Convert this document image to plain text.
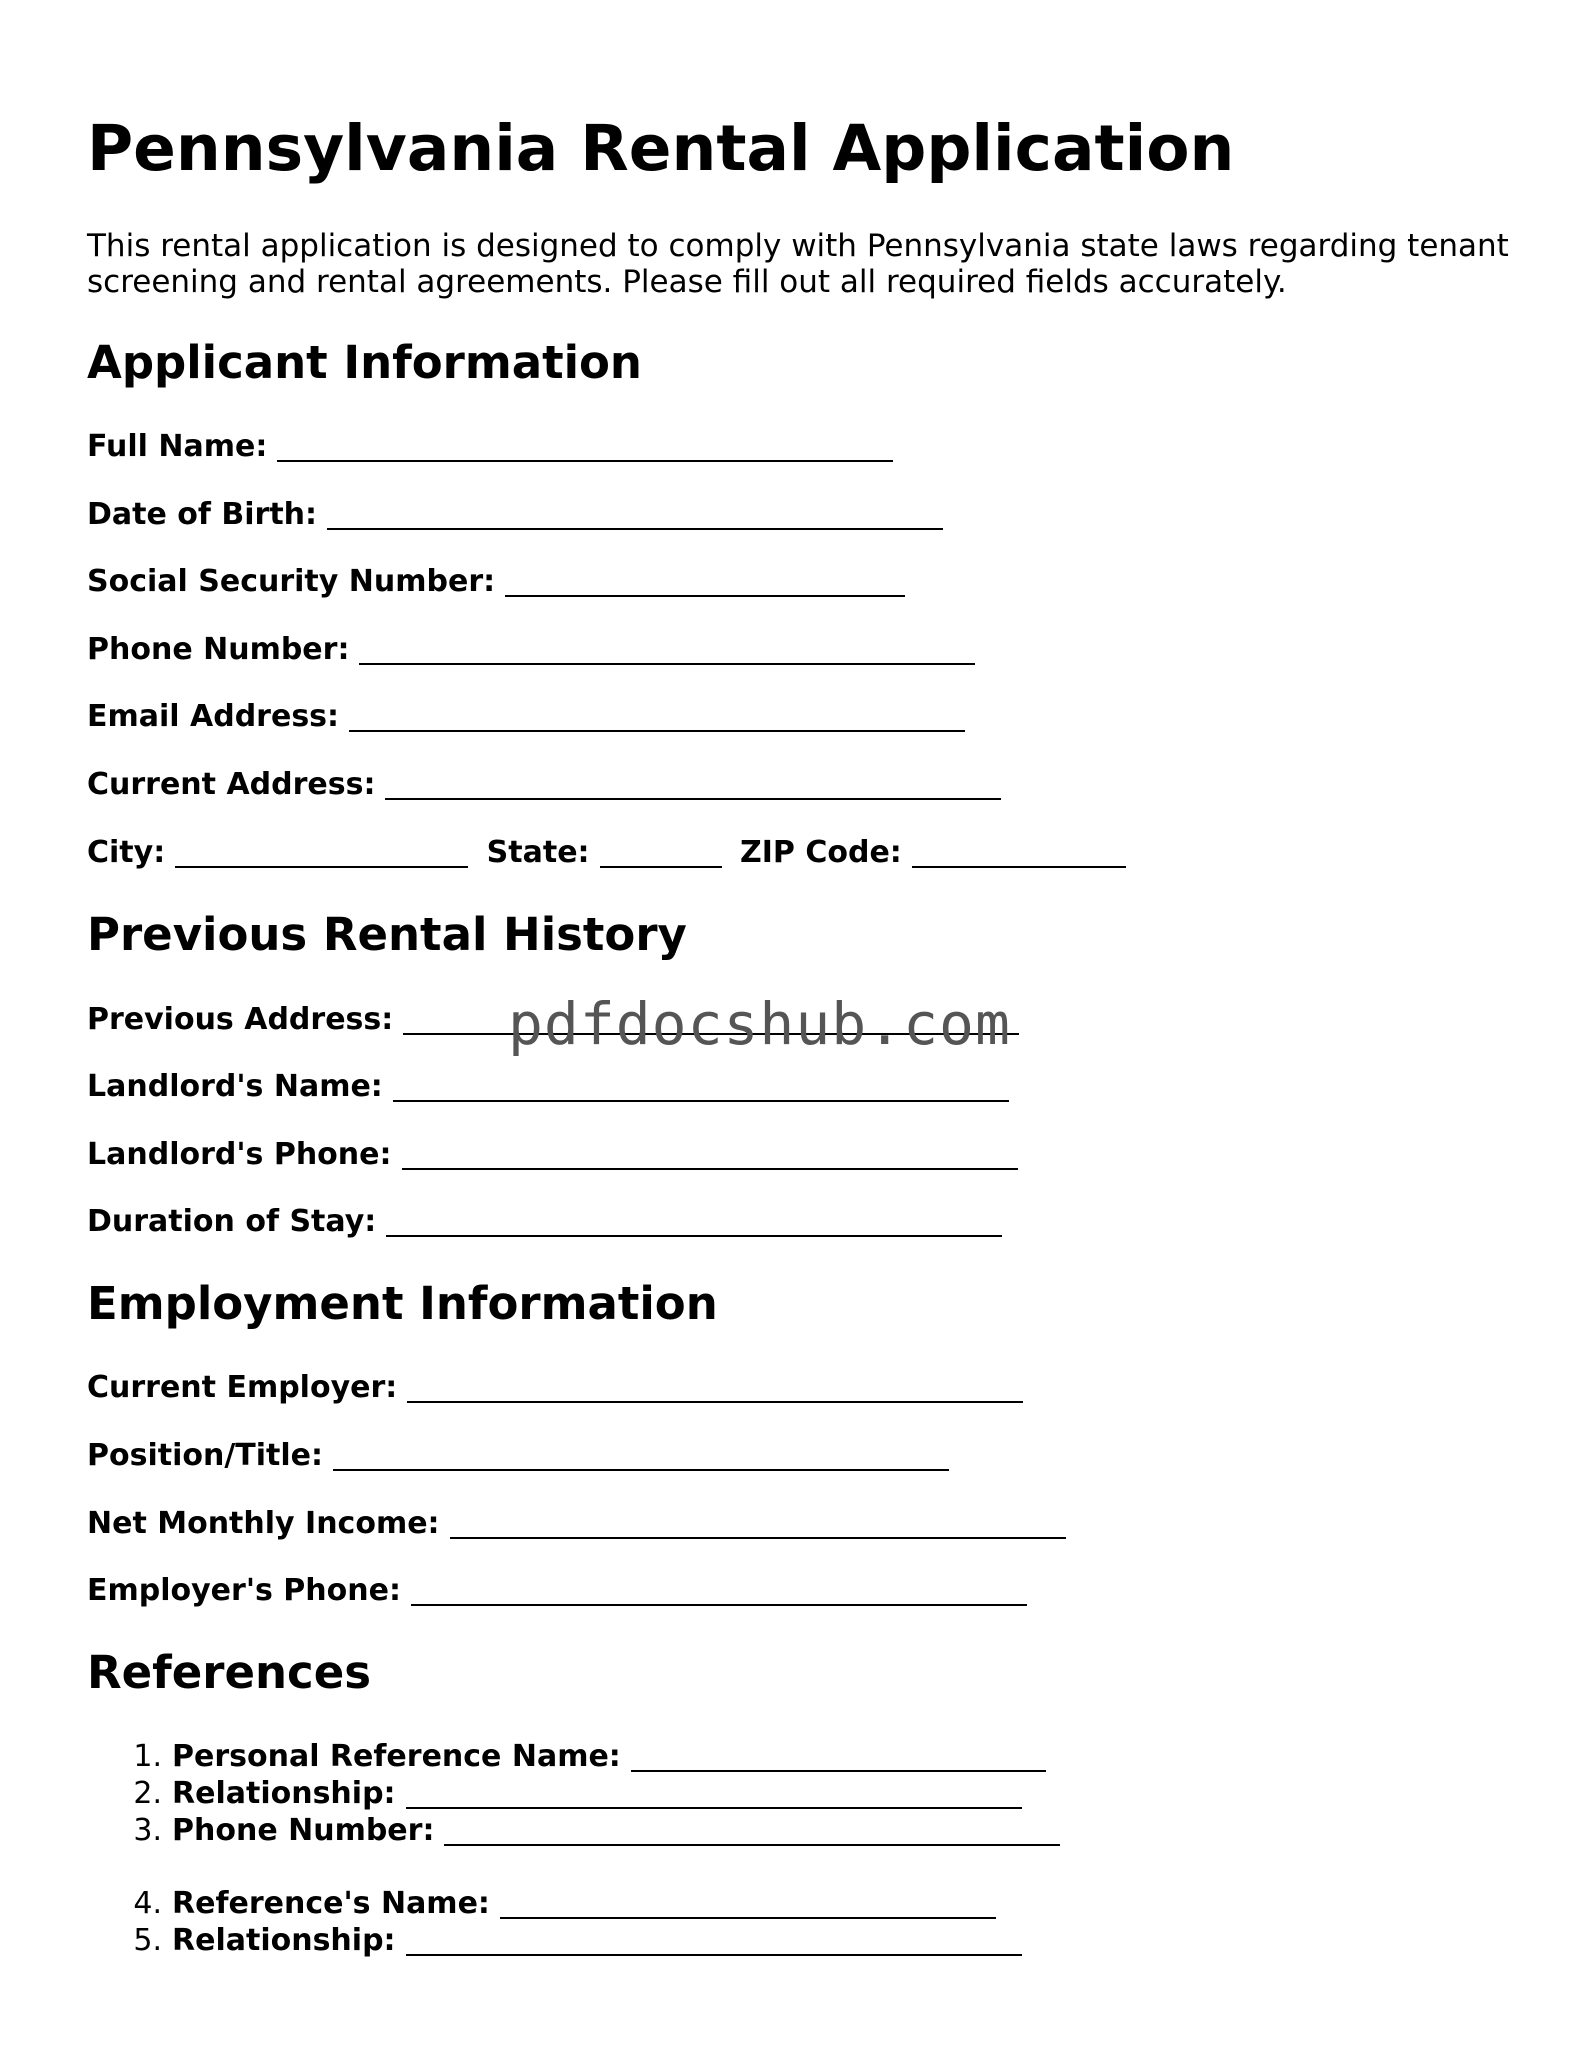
Pennsylvania Rental Application

This rental application is designed to comply with Pennsylvania state laws regarding tenant screening and rental agreements. Please fill out all required fields accurately.

Applicant Information
Full Name:
Date of Birth:
Social Security Number:
Phone Number:
Email Address:
Current Address:
City:	State:	ZIP Code:
Previous Rental History
Previous Address:
Landlord's Name:
Landlord's Phone:
Duration of Stay:
Employment Information
Current Employer:
Position/Title:
Net Monthly Income:
Employer's Phone:
References
1. Personal Reference Name:
2. Relationship:
3. Phone Number:
4. Reference's Name:
5. Relationship:
pdfdocshub.com
